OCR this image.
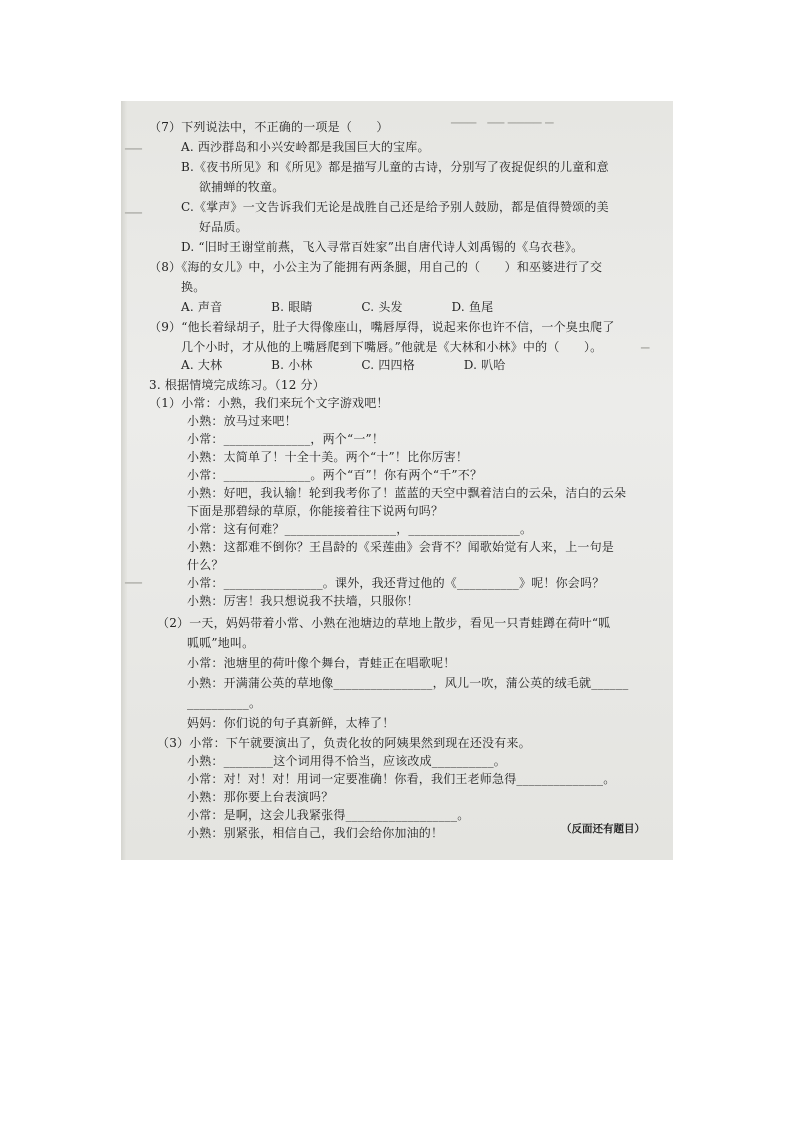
▁▁▁　▁▁ ▁▁▁▁ ▁
▁▁
▁▁
▁
▁▁
（7）下列说法中，不正确的一项是（　　）
A. 西沙群岛和小兴安岭都是我国巨大的宝库。
B.《夜书所见》和《所见》都是描写儿童的古诗，分别写了夜捉促织的儿童和意
欲捕蝉的牧童。
C.《掌声》一文告诉我们无论是战胜自己还是给予别人鼓励，都是值得赞颂的美
好品质。
D. “旧时王谢堂前燕，飞入寻常百姓家”出自唐代诗人刘禹锡的《乌衣巷》。
（8）《海的女儿》中，小公主为了能拥有两条腿，用自己的（　　）和巫婆进行了交
换。
A. 声音　　　　B. 眼睛　　　　C. 头发　　　　D. 鱼尾
（9）“他长着绿胡子，肚子大得像座山，嘴唇厚得，说起来你也许不信，一个臭虫爬了
几个小时，才从他的上嘴唇爬到下嘴唇。”他就是《大林和小林》中的（　　）。
A. 大林　　　　B. 小林　　　　C. 四四格　　　　D. 叭哈
3. 根据情境完成练习。（12 分）
（1）小常：小熟，我们来玩个文字游戏吧！
小熟：放马过来吧！
小常：______________，两个“一”！
小熟：太简单了！十全十美。两个“十”！比你厉害！
小常：______________。两个“百”！你有两个“千”不？
小熟：好吧，我认输！轮到我考你了！蓝蓝的天空中飘着洁白的云朵，洁白的云朵
下面是那碧绿的草原，你能接着往下说两句吗？
小常：这有何难？__________________，__________________。
小熟：这都难不倒你？王昌龄的《采莲曲》会背不？闻歌始觉有人来，上一句是
什么？
小常：________________。课外，我还背过他的《__________》呢！你会吗？
小熟：厉害！我只想说我不扶墙，只服你！
（2）一天，妈妈带着小常、小熟在池塘边的草地上散步，看见一只青蛙蹲在荷叶“呱
呱呱”地叫。
小常：池塘里的荷叶像个舞台，青蛙正在唱歌呢！
小熟：开满蒲公英的草地像________________，风儿一吹，蒲公英的绒毛就______
__________。
妈妈：你们说的句子真新鲜，太棒了！
（3）小常：下午就要演出了，负责化妆的阿姨果然到现在还没有来。
小熟：________这个词用得不恰当，应该改成__________。
小常：对！对！对！用词一定要准确！你看，我们王老师急得______________。
小熟：那你要上台表演吗？
小常：是啊，这会儿我紧张得__________________。
小熟：别紧张，相信自己，我们会给你加油的！	（反面还有题目）
